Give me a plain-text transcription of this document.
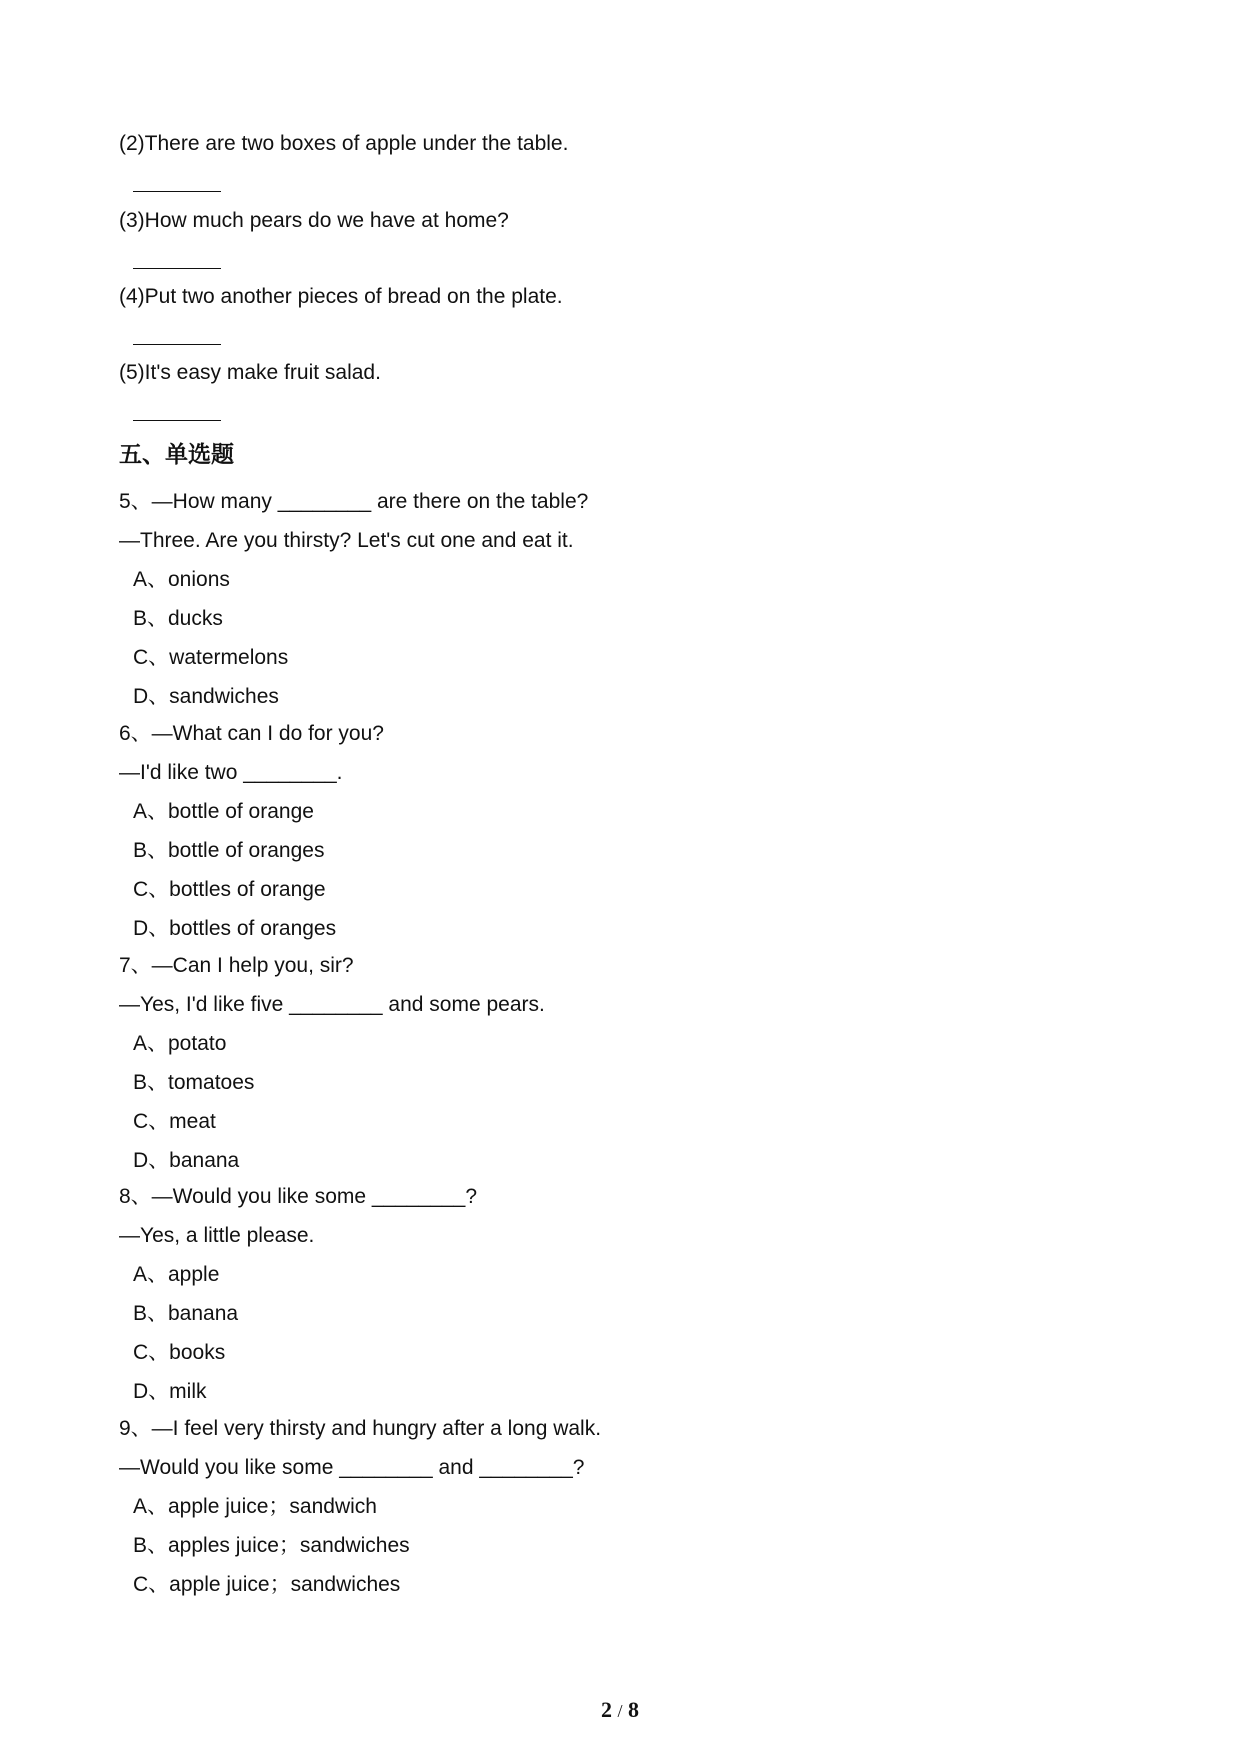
(2)There are two boxes of apple under the table.
(3)How much pears do we have at home?
(4)Put two another pieces of bread on the plate.
(5)It's easy make fruit salad.
五、单选题
5、—How many ________ are there on the table?
—Three. Are you thirsty? Let's cut one and eat it.
A、onions
B、ducks
C、watermelons
D、sandwiches
6、—What can I do for you?
—I'd like two ________.
A、bottle of orange
B、bottle of oranges
C、bottles of orange
D、bottles of oranges
7、—Can I help you, sir?
—Yes, I'd like five ________ and some pears.
A、potato
B、tomatoes
C、meat
D、banana
8、—Would you like some ________?
—Yes, a little please.
A、apple
B、banana
C、books
D、milk
9、—I feel very thirsty and hungry after a long walk.
—Would you like some ________ and ________?
A、apple juice；sandwich
B、apples juice；sandwiches
C、apple juice；sandwiches
2 / 8
